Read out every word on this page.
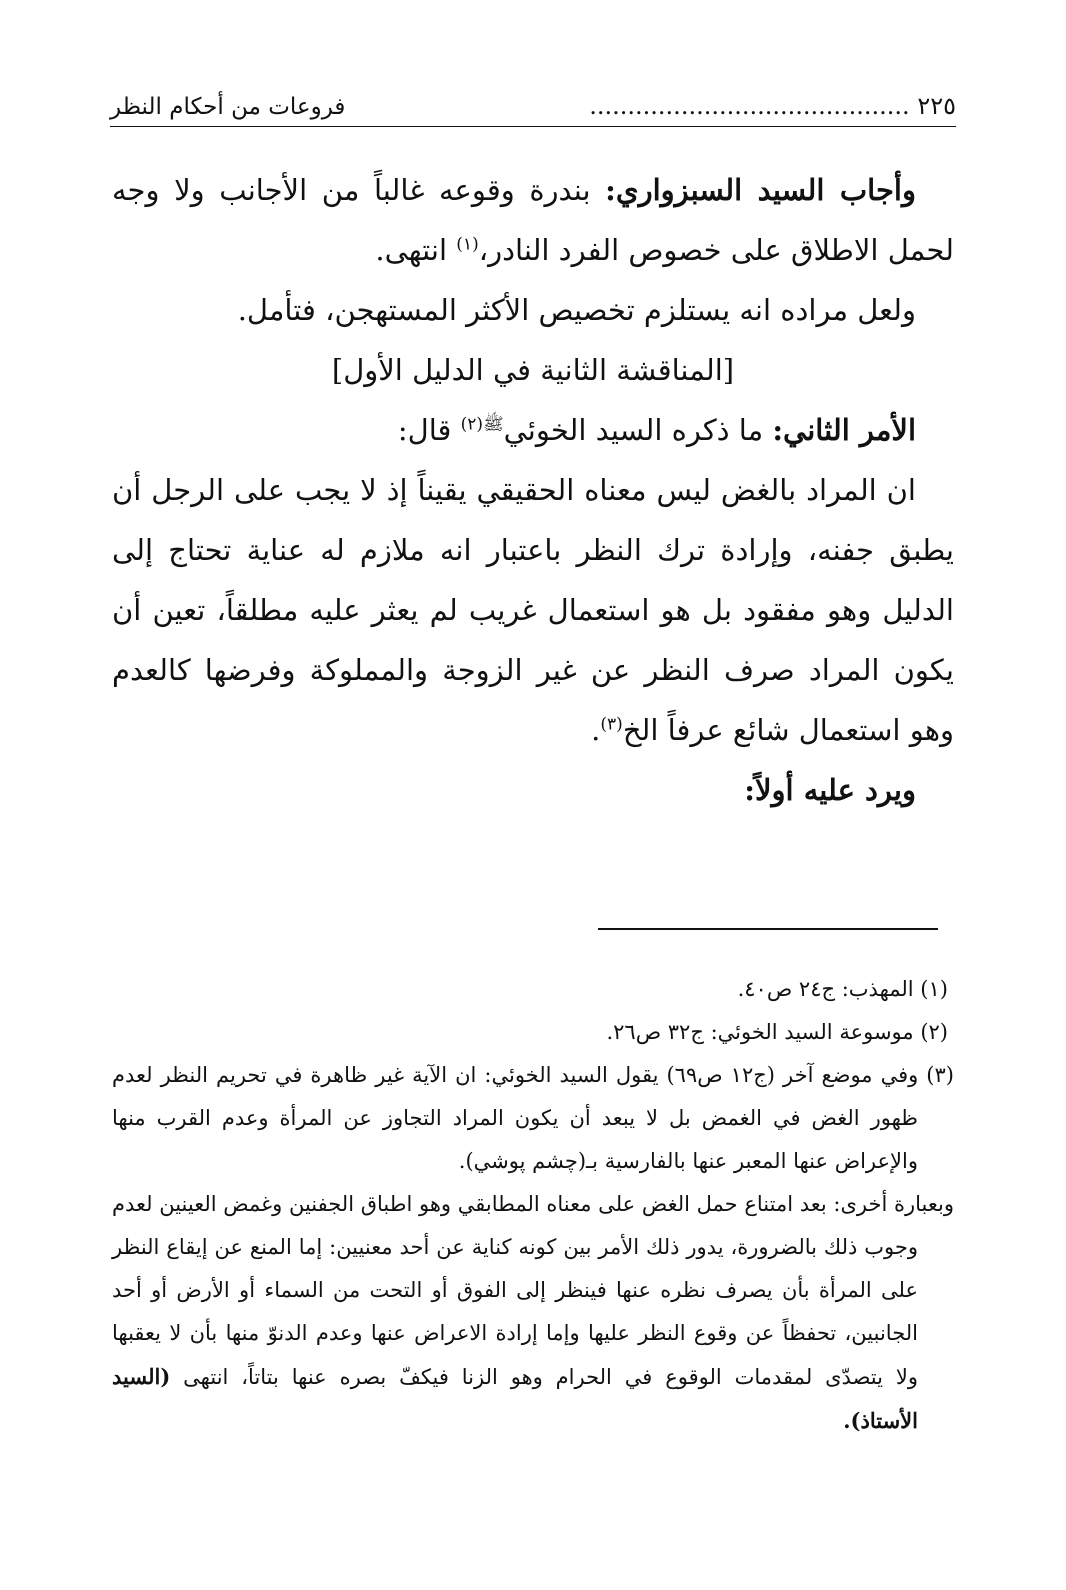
٢٢٥ ..........................................
فروعات من أحكام النظر

وأجاب السيد السبزواري: بندرة وقوعه غالباً من الأجانب ولا وجه لحمل الاطلاق على خصوص الفرد النادر،$^{(١)}$ انتهى.

ولعل مراده انه يستلزم تخصيص الأكثر المستهجن، فتأمل.

[المناقشة الثانية في الدليل الأول]

الأمر الثاني: ما ذكره السيد الخوئي$^{ﷺ(٢)}$ قال:

ان المراد بالغض ليس معناه الحقيقي يقيناً إذ لا يجب على الرجل أن يطبق جفنه، وإرادة ترك النظر باعتبار انه ملازم له عناية تحتاج إلى الدليل وهو مفقود بل هو استعمال غريب لم يعثر عليه مطلقاً، تعين أن يكون المراد صرف النظر عن غير الزوجة والمملوكة وفرضها كالعدم وهو استعمال شائع عرفاً الخ$^{(٣)}$.

ويرد عليه أولاً:

(١) المهذب: ج٢٤ ص٤٠.

(٢) موسوعة السيد الخوئي: ج٣٢ ص٢٦.

(٣) وفي موضع آخر (ج١٢ ص٦٩) يقول السيد الخوئي: ان الآية غير ظاهرة في تحريم النظر لعدم ظهور الغض في الغمض بل لا يبعد أن يكون المراد التجاوز عن المرأة وعدم القرب منها والإعراض عنها المعبر عنها بالفارسية بـ(چشم پوشي).

وبعبارة أخرى: بعد امتناع حمل الغض على معناه المطابقي وهو اطباق الجفنين وغمض العينين لعدم وجوب ذلك بالضرورة، يدور ذلك الأمر بين كونه كناية عن أحد معنيين: إما المنع عن إيقاع النظر على المرأة بأن يصرف نظره عنها فينظر إلى الفوق أو التحت من السماء أو الأرض أو أحد الجانبين، تحفظاً عن وقوع النظر عليها وإما إرادة الاعراض عنها وعدم الدنوّ منها بأن لا يعقبها ولا يتصدّى لمقدمات الوقوع في الحرام وهو الزنا فيكفّ بصره عنها بتاتاً، انتهى (السيد الأستاذ).
